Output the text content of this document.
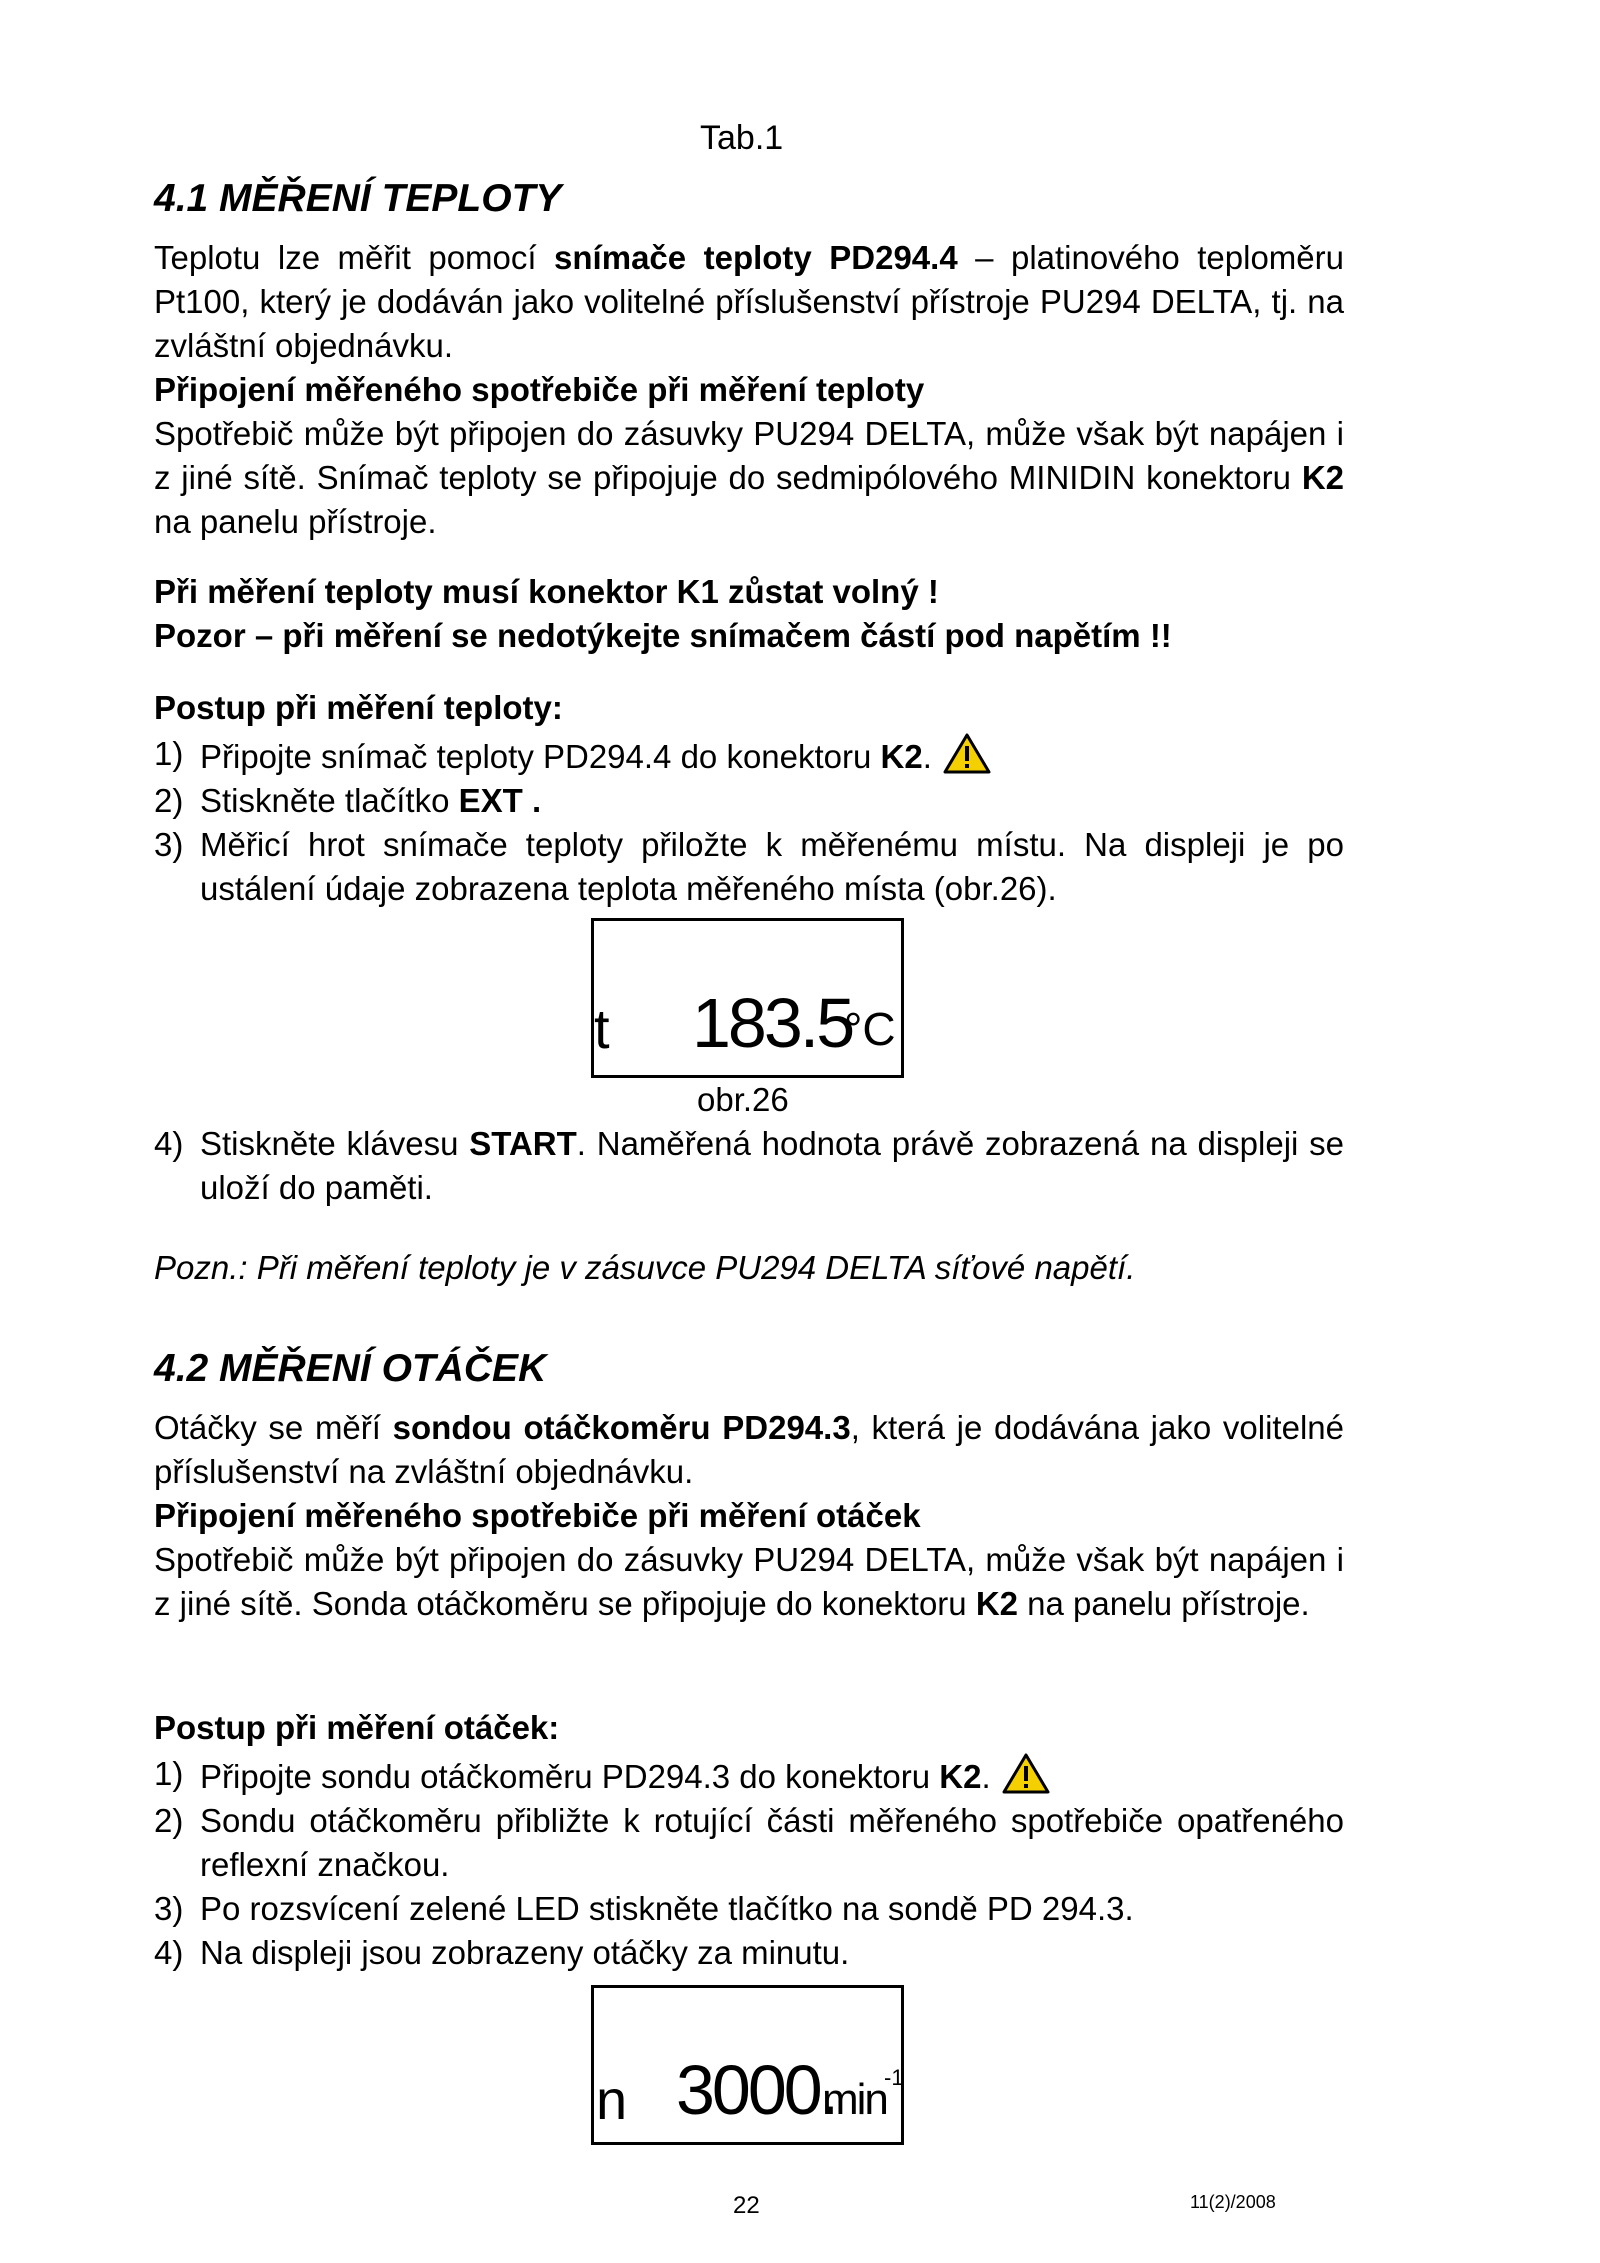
Tab.1
4.1 MĚŘENÍ TEPLOTY
Teplotu lze měřit pomocí snímače teploty PD294.4 – platinového teploměru Pt100, který je dodáván jako volitelné příslušenství přístroje PU294 DELTA, tj. na zvláštní objednávku.
Připojení měřeného spotřebiče při měření teploty
Spotřebič může být připojen do zásuvky PU294 DELTA, může však být napájen i z jiné sítě. Snímač teploty se připojuje do sedmipólového MINIDIN konektoru K2 na panelu přístroje.
Při měření teploty musí konektor K1 zůstat volný !
Pozor – při měření se nedotýkejte snímačem částí pod napětím !!
Postup při měření teploty:
1) Připojte snímač teploty PD294.4 do konektoru K2.
2) Stiskněte tlačítko EXT .
3) Měřicí hrot snímače teploty přiložte k měřenému místu. Na displeji je po ustálení údaje zobrazena teplota měřeného místa (obr.26).
t 183.5
°C
obr.26
4) Stiskněte klávesu START. Naměřená hodnota právě zobrazená na displeji se uloží do paměti.
Pozn.: Při měření teploty je v zásuvce PU294 DELTA síťové napětí.
4.2 MĚŘENÍ OTÁČEK
Otáčky se měří sondou otáčkoměru PD294.3, která je dodávána jako volitelné příslušenství na zvláštní objednávku.
Připojení měřeného spotřebiče při měření otáček
Spotřebič může být připojen do zásuvky PU294 DELTA, může však být napájen i z jiné sítě. Sonda otáčkoměru se připojuje do konektoru K2 na panelu přístroje.
Postup při měření otáček:
1) Připojte sondu otáčkoměru PD294.3 do konektoru K2.
2) Sondu otáčkoměru přibližte k rotující části měřeného spotřebiče opatřeného reflexní značkou.
3) Po rozsvícení zelené LED stiskněte tlačítko na sondě PD 294.3.
4) Na displeji jsou zobrazeny otáčky za minutu.
n 3000.
min
-1
22	11(2)/2008
